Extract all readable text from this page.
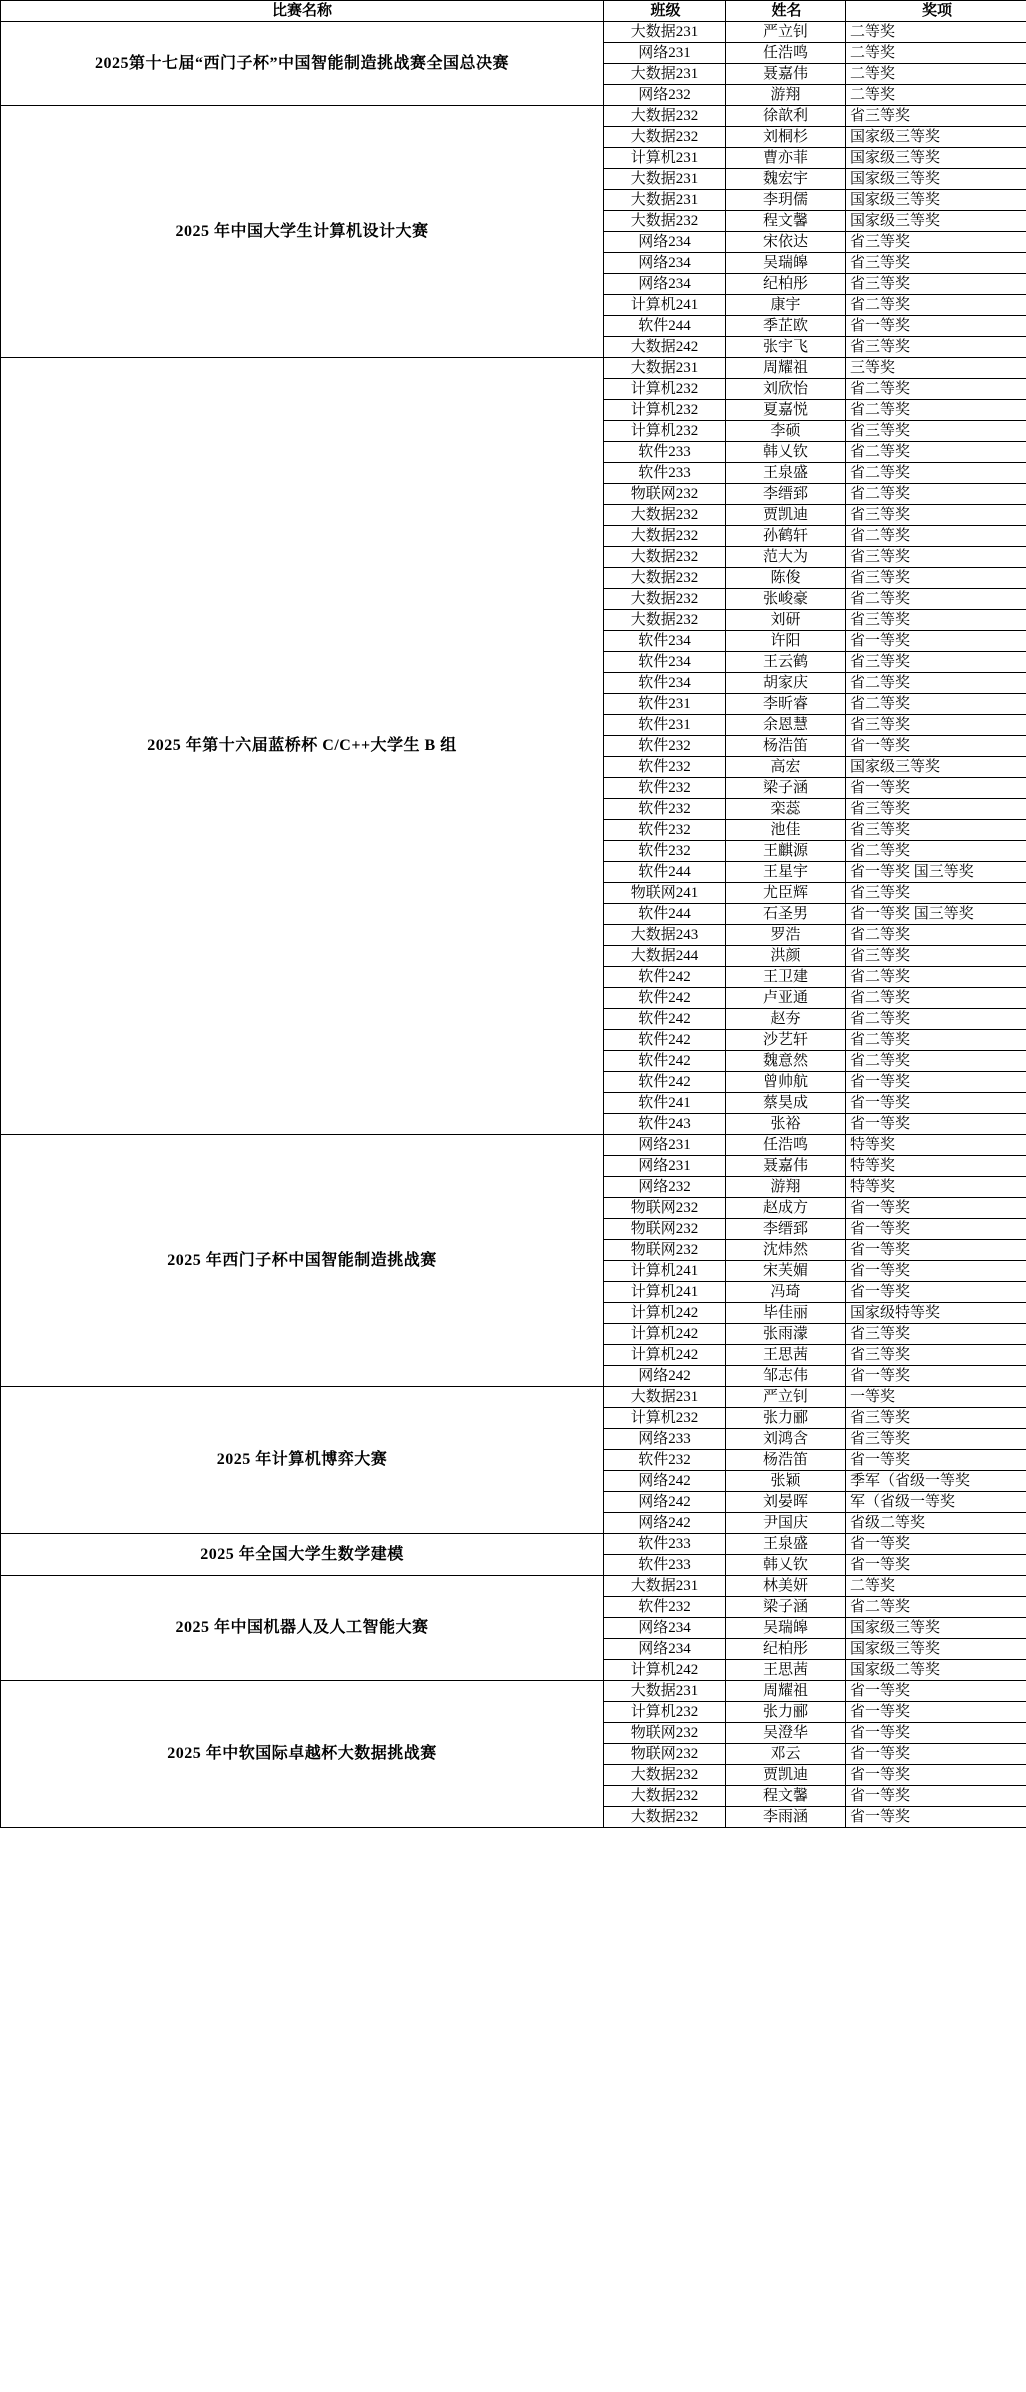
比赛名称	班级	姓名	奖项
2025第十七届“西门子杯”中国智能制造挑战赛全国总决赛	大数据231	严立钊	二等奖
	网络231	任浩鸣	二等奖
	大数据231	聂嘉伟	二等奖
	网络232	游翔	二等奖
2025 年中国大学生计算机设计大赛	大数据232	徐歆利	省三等奖
	大数据232	刘桐杉	国家级三等奖
	计算机231	曹亦菲	国家级三等奖
	大数据231	魏宏宇	国家级三等奖
	大数据231	李玥儒	国家级三等奖
	大数据232	程文馨	国家级三等奖
	网络234	宋依达	省三等奖
	网络234	吴瑞皞	省三等奖
	网络234	纪柏彤	省三等奖
	计算机241	康宇	省二等奖
	软件244	季芷欧	省一等奖
	大数据242	张宇飞	省三等奖
2025 年第十六届蓝桥杯 C/C++大学生 B 组	大数据231	周耀祖	三等奖
	计算机232	刘欣怡	省二等奖
	计算机232	夏嘉悦	省二等奖
	计算机232	李硕	省三等奖
	软件233	韩乂钦	省二等奖
	软件233	王泉盛	省二等奖
	物联网232	李缙郅	省二等奖
	大数据232	贾凯迪	省三等奖
	大数据232	孙鹤轩	省二等奖
	大数据232	范大为	省三等奖
	大数据232	陈俊	省三等奖
	大数据232	张峻豪	省二等奖
	大数据232	刘研	省三等奖
	软件234	许阳	省一等奖
	软件234	王云鹤	省三等奖
	软件234	胡家庆	省二等奖
	软件231	李昕睿	省二等奖
	软件231	余恩慧	省三等奖
	软件232	杨浩笛	省一等奖
	软件232	高宏	国家级三等奖
	软件232	梁子涵	省一等奖
	软件232	栾蕊	省三等奖
	软件232	池佳	省三等奖
	软件232	王麒源	省二等奖
	软件244	王星宇	省一等奖 国三等奖
	物联网241	尤臣辉	省三等奖
	软件244	石圣男	省一等奖 国三等奖
	大数据243	罗浩	省二等奖
	大数据244	洪颜	省三等奖
	软件242	王卫建	省二等奖
	软件242	卢亚通	省二等奖
	软件242	赵夯	省二等奖
	软件242	沙艺轩	省二等奖
	软件242	魏意然	省二等奖
	软件242	曾帅航	省一等奖
	软件241	蔡昊成	省一等奖
	软件243	张裕	省一等奖
2025 年西门子杯中国智能制造挑战赛	网络231	任浩鸣	特等奖
	网络231	聂嘉伟	特等奖
	网络232	游翔	特等奖
	物联网232	赵成方	省一等奖
	物联网232	李缙郅	省一等奖
	物联网232	沈炜然	省一等奖
	计算机241	宋芙媚	省一等奖
	计算机241	冯琦	省一等奖
	计算机242	毕佳丽	国家级特等奖
	计算机242	张雨濛	省三等奖
	计算机242	王思茜	省三等奖
	网络242	邹志伟	省一等奖
2025 年计算机博弈大赛	大数据231	严立钊	一等奖
	计算机232	张力郦	省三等奖
	网络233	刘鸿含	省三等奖
	软件232	杨浩笛	省一等奖
	网络242	张颖	季军（省级一等奖
	网络242	刘晏晖	军（省级一等奖
	网络242	尹国庆	省级二等奖
2025 年全国大学生数学建模	软件233	王泉盛	省一等奖
	软件233	韩乂钦	省一等奖
2025 年中国机器人及人工智能大赛	大数据231	林美妍	二等奖
	软件232	梁子涵	省二等奖
	网络234	吴瑞皞	国家级三等奖
	网络234	纪柏彤	国家级三等奖
	计算机242	王思茜	国家级二等奖
2025 年中软国际卓越杯大数据挑战赛	大数据231	周耀祖	省一等奖
	计算机232	张力郦	省一等奖
	物联网232	吴澄华	省一等奖
	物联网232	邓云	省一等奖
	大数据232	贾凯迪	省一等奖
	大数据232	程文馨	省一等奖
	大数据232	李雨涵	省一等奖
